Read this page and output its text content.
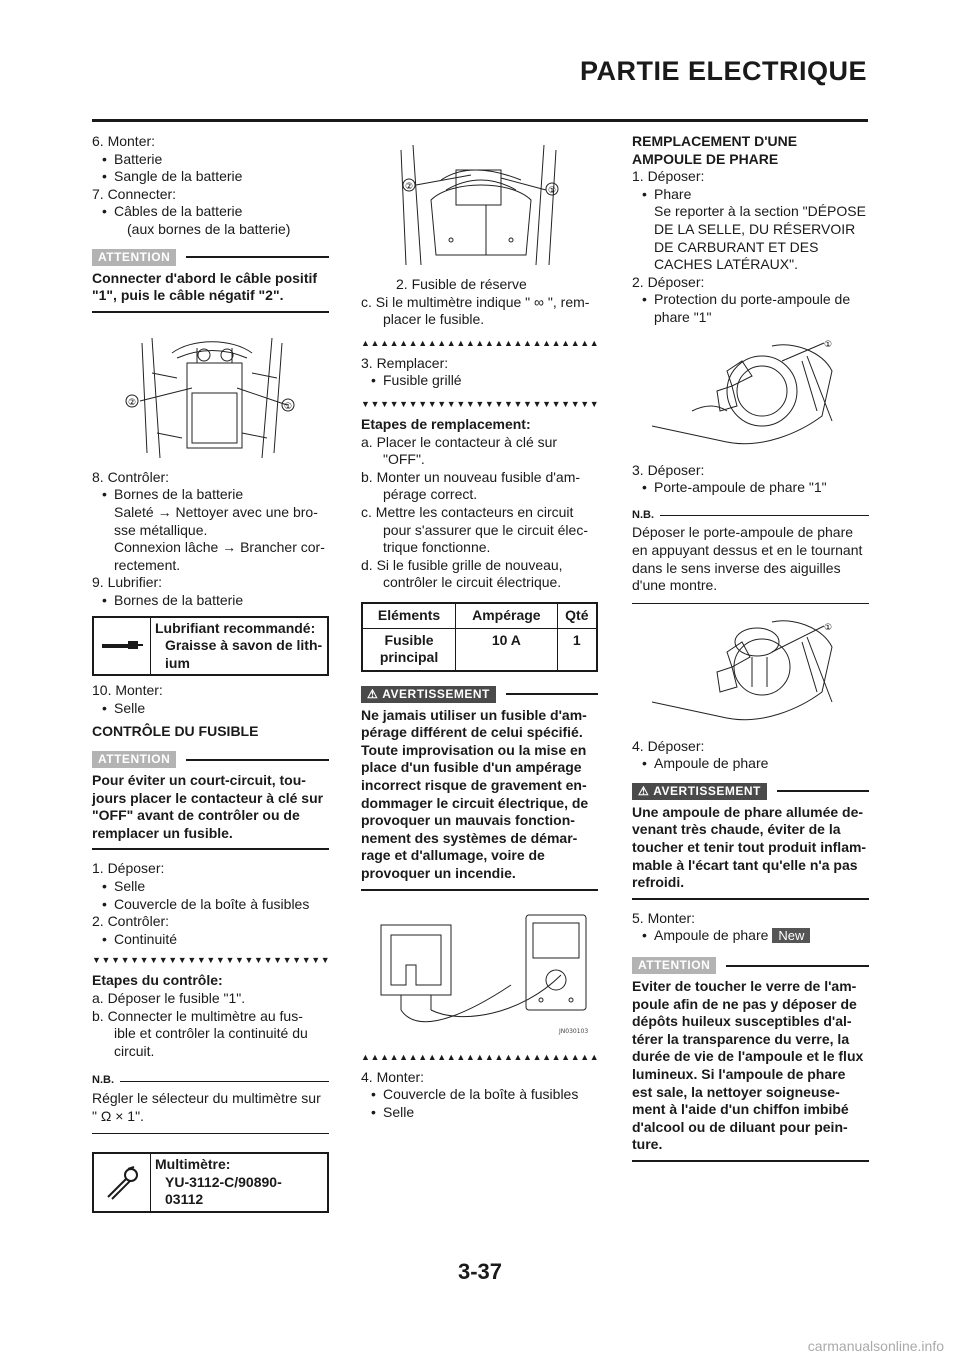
PARTIE ELECTRIQUE
6. Monter:
• Batterie
• Sangle de la batterie
7. Connecter:
• Câbles de la batterie
(aux bornes de la batterie)
ATTENTION
Connecter d'abord le câble positif
"1", puis le câble négatif "2".
②	①
8. Contrôler:
• Bornes de la batterie
Saleté → Nettoyer avec une bro-
sse métallique.
Connexion lâche → Brancher cor-
rectement.
9. Lubrifier:
• Bornes de la batterie
Lubrifiant recommandé:
Graisse à savon de lith-
ium
10. Monter:
• Selle
CONTRÔLE DU FUSIBLE
ATTENTION
Pour éviter un court-circuit, tou-
jours placer le contacteur à clé sur
"OFF" avant de contrôler ou de
remplacer un fusible.
1. Déposer:
• Selle
• Couvercle de la boîte à fusibles
2. Contrôler:
• Continuité
▼ ▼ ▼ ▼ ▼ ▼ ▼ ▼ ▼ ▼ ▼ ▼ ▼ ▼ ▼ ▼ ▼ ▼ ▼ ▼ ▼ ▼ ▼ ▼ ▼
Etapes du contrôle:
a. Déposer le fusible "1".
b. Connecter le multimètre au fus-
ible et contrôler la continuité du
circuit.
N.B.
Régler le sélecteur du multimètre sur
" Ω × 1".
Multimètre:
YU-3112-C/90890-
03112
②	①
2. Fusible de réserve
c. Si le multimètre indique " ∞ ", rem-
placer le fusible.
▲ ▲ ▲ ▲ ▲ ▲ ▲ ▲ ▲ ▲ ▲ ▲ ▲ ▲ ▲ ▲ ▲ ▲ ▲ ▲ ▲ ▲ ▲ ▲ ▲
3. Remplacer:
• Fusible grillé
▼ ▼ ▼ ▼ ▼ ▼ ▼ ▼ ▼ ▼ ▼ ▼ ▼ ▼ ▼ ▼ ▼ ▼ ▼ ▼ ▼ ▼ ▼ ▼ ▼
Etapes de remplacement:
a. Placer le contacteur à clé sur
"OFF".
b. Monter un nouveau fusible d'am-
pérage correct.
c. Mettre les contacteurs en circuit
pour s'assurer que le circuit élec-
trique fonctionne.
d. Si le fusible grille de nouveau,
contrôler le circuit électrique.
Eléments	Ampérage	Qté

Fusible
principal	10 A	1
⚠ AVERTISSEMENT
Ne jamais utiliser un fusible d'am-
pérage différent de celui spécifié.
Toute improvisation ou la mise en
place d'un fusible d'un ampérage
incorrect risque de gravement en-
dommager le circuit électrique, de
provoquer un mauvais fonction-
nement des systèmes de démar-
rage et d'allumage, voire de
provoquer un incendie.
JN030103
▲ ▲ ▲ ▲ ▲ ▲ ▲ ▲ ▲ ▲ ▲ ▲ ▲ ▲ ▲ ▲ ▲ ▲ ▲ ▲ ▲ ▲ ▲ ▲ ▲
4. Monter:
• Couvercle de la boîte à fusibles
• Selle
REMPLACEMENT D'UNE
AMPOULE DE PHARE
1. Déposer:
• Phare
Se reporter à la section "DÉPOSE
DE LA SELLE, DU RÉSERVOIR
DE CARBURANT ET DES
CACHES LATÉRAUX".
2. Déposer:
• Protection du porte-ampoule de
phare "1"
①
3. Déposer:
• Porte-ampoule de phare "1"
N.B.
Déposer le porte-ampoule de phare
en appuyant dessus et en le tournant
dans le sens inverse des aiguilles
d'une montre.
①
4. Déposer:
• Ampoule de phare
⚠ AVERTISSEMENT
Une ampoule de phare allumée de-
venant très chaude, éviter de la
toucher et tenir tout produit inflam-
mable à l'écart tant qu'elle n'a pas
refroidi.
5. Monter:
• Ampoule de phare New
ATTENTION
Eviter de toucher le verre de l'am-
poule afin de ne pas y déposer de
dépôts huileux susceptibles d'al-
térer la transparence du verre, la
durée de vie de l'ampoule et le flux
lumineux. Si l'ampoule de phare
est sale, la nettoyer soigneuse-
ment à l'aide d'un chiffon imbibé
d'alcool ou de diluant pour pein-
ture.
3-37
carmanualsonline.info
